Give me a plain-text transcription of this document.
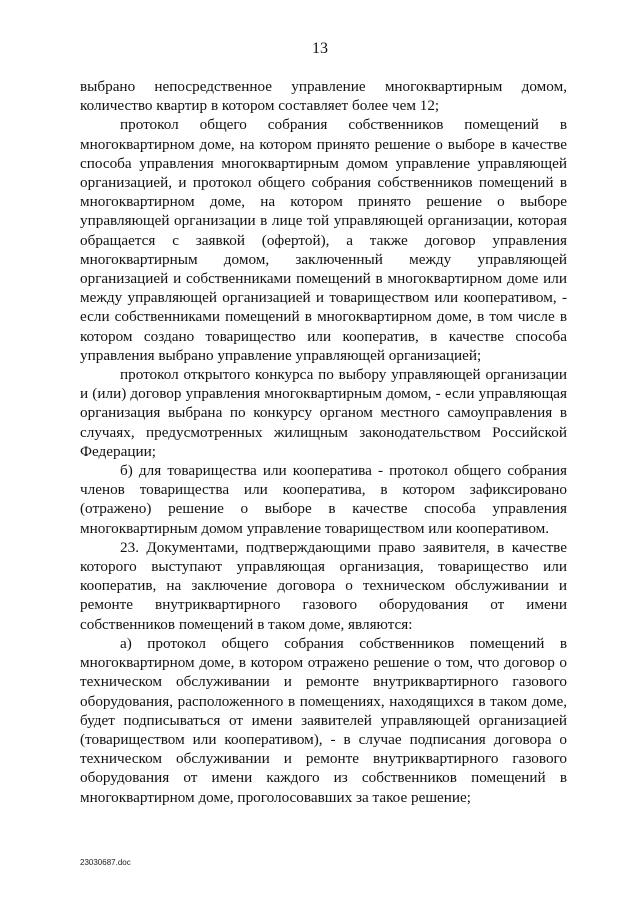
13

выбрано непосредственное управление многоквартирным домом, количество квартир в котором составляет более чем 12;

протокол общего собрания собственников помещений в многоквартирном доме, на котором принято решение о выборе в качестве способа управления многоквартирным домом управление управляющей организацией, и протокол общего собрания собственников помещений в многоквартирном доме, на котором принято решение о выборе управляющей организации в лице той управляющей организации, которая обращается с заявкой (офертой), а также договор управления многоквартирным домом, заключенный между управляющей организацией и собственниками помещений в многоквартирном доме или между управляющей организацией и товариществом или кооперативом, - если собственниками помещений в многоквартирном доме, в том числе в котором создано товарищество или кооператив, в качестве способа управления выбрано управление управляющей организацией;

протокол открытого конкурса по выбору управляющей организации и (или) договор управления многоквартирным домом, - если управляющая организация выбрана по конкурсу органом местного самоуправления в случаях, предусмотренных жилищным законодательством Российской Федерации;

б) для товарищества или кооператива - протокол общего собрания членов товарищества или кооператива, в котором зафиксировано (отражено) решение о выборе в качестве способа управления многоквартирным домом управление товариществом или кооперативом.

23. Документами, подтверждающими право заявителя, в качестве которого выступают управляющая организация, товарищество или кооператив, на заключение договора о техническом обслуживании и ремонте внутриквартирного газового оборудования от имени собственников помещений в таком доме, являются:

а) протокол общего собрания собственников помещений в многоквартирном доме, в котором отражено решение о том, что договор о техническом обслуживании и ремонте внутриквартирного газового оборудования, расположенного в помещениях, находящихся в таком доме, будет подписываться от имени заявителей управляющей организацией (товариществом или кооперативом), - в случае подписания договора о техническом обслуживании и ремонте внутриквартирного газового оборудования от имени каждого из собственников помещений в многоквартирном доме, проголосовавших за такое решение;

23030687.doc
